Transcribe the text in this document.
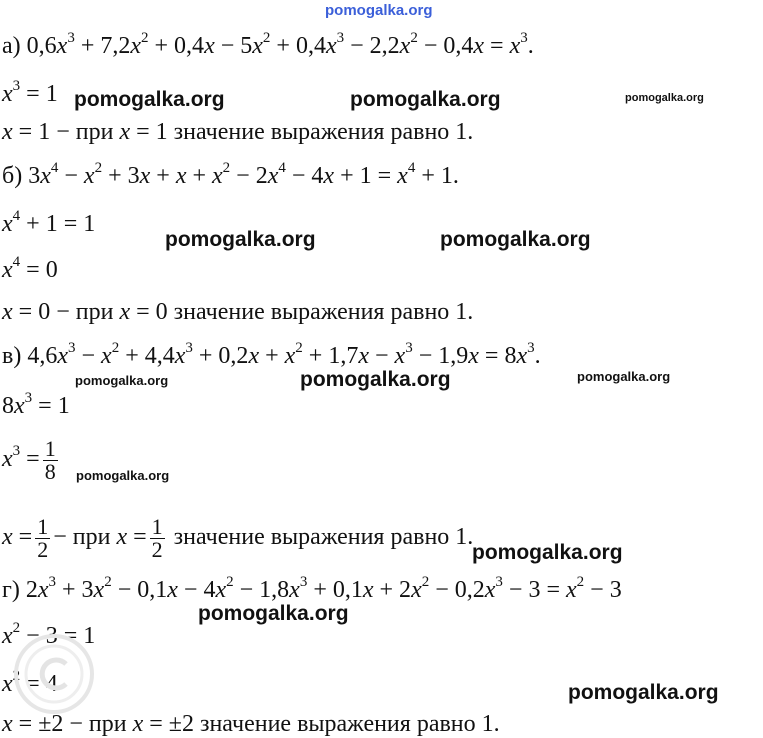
pomogalka.org
а) $0,6x^3 + 7,2x^2 + 0,4x - 5x^2 + 0,4x^3 - 2,2x^2 - 0,4x = x^3$.
$x^3 = 1$ pomogalka.org	pomogalka.org	pomogalka.org
x = 1 − при x = 1 значение выражения равно 1.
б) $3x^4 - x^2 + 3x + x + x^2 - 2x^4 - 4x + 1 = x^4 + 1$.
$x^4 + 1 = 1$
pomogalka.org	pomogalka.org
$x^4 = 0$
x = 0 − при x = 0 значение выражения равно 1.
в) $4,6x^3 - x^2 + 4,4x^3 + 0,2x + x^2 + 1,7x - x^3 - 1,9x = 8x^3$.
pomogalka.org	pomogalka.org	pomogalka.org
$8x^3 = 1$
$x^3 = \frac{1}{8}$ pomogalka.org
$x = \frac{1}{2}$ − при $x = \frac{1}{2}$ значение выражения равно 1.
pomogalka.org
г) $2x^3 + 3x^2 - 0,1x - 4x^2 - 1,8x^3 + 0,1x + 2x^2 - 0,2x^3 - 3 = x^2 - 3$
pomogalka.org
$x^2 - 3 = 1$
$x^2 = 4$	pomogalka.org
x = ±2 − при x = ±2 значение выражения равно 1.
